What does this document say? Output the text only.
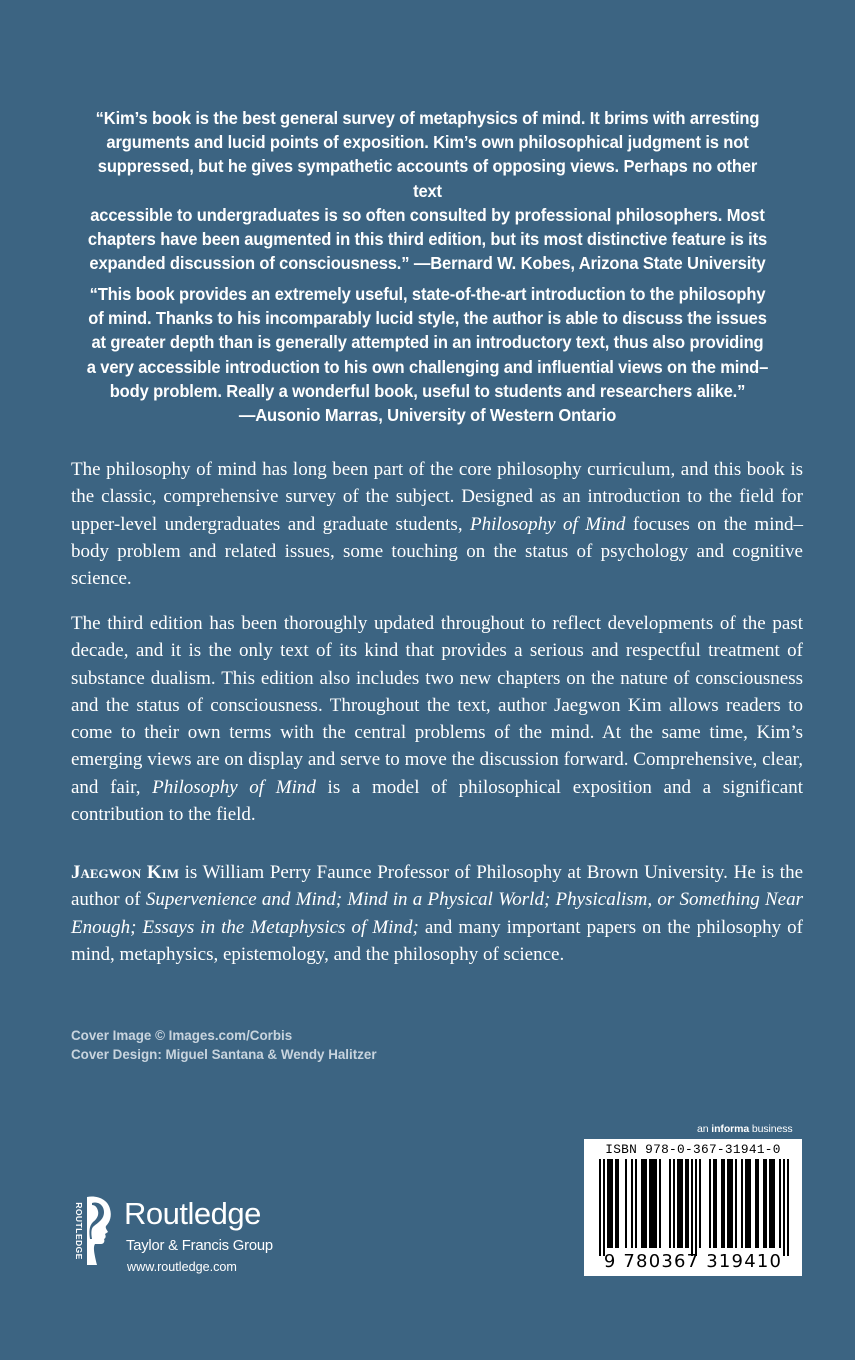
“Kim’s book is the best general survey of metaphysics of mind. It brims with arresting
arguments and lucid points of exposition. Kim’s own philosophical judgment is not
suppressed, but he gives sympathetic accounts of opposing views. Perhaps no other text
accessible to undergraduates is so often consulted by professional philosophers. Most
chapters have been augmented in this third edition, but its most distinctive feature is its
expanded discussion of consciousness.” —Bernard W. Kobes, Arizona State University
“This book provides an extremely useful, state-of-the-art introduction to the philosophy
of mind. Thanks to his incomparably lucid style, the author is able to discuss the issues
at greater depth than is generally attempted in an introductory text, thus also providing
a very accessible introduction to his own challenging and influential views on the mind–
body problem. Really a wonderful book, useful to students and researchers alike.”
—Ausonio Marras, University of Western Ontario

The philosophy of mind has long been part of the core philosophy curriculum, and this book is the classic, comprehensive survey of the subject. Designed as an introduction to the field for upper-level undergraduates and graduate students, Philosophy of Mind focuses on the mind–body problem and related issues, some touching on the status of psychology and cognitive science.

The third edition has been thoroughly updated throughout to reflect developments of the past decade, and it is the only text of its kind that provides a serious and respectful treatment of substance dualism. This edition also includes two new chapters on the nature of consciousness and the status of consciousness. Throughout the text, author Jaegwon Kim allows readers to come to their own terms with the central problems of the mind. At the same time, Kim’s emerging views are on display and serve to move the discussion forward. Comprehensive, clear, and fair, Philosophy of Mind is a model of philosophical exposition and a significant contribution to the field.

Jaegwon Kim is William Perry Faunce Professor of Philosophy at Brown University. He is the author of Supervenience and Mind; Mind in a Physical World; Physicalism, or Something Near Enough; Essays in the Metaphysics of Mind; and many important papers on the philosophy of mind, metaphysics, epistemology, and the philosophy of science.

Cover Image © Images.com/Corbis
Cover Design: Miguel Santana & Wendy Halitzer
an informa business
ISBN 978-0-367-31941-0
9 780367 319410
ROUTLEDGE Routledge
Taylor & Francis Group
www.routledge.com
